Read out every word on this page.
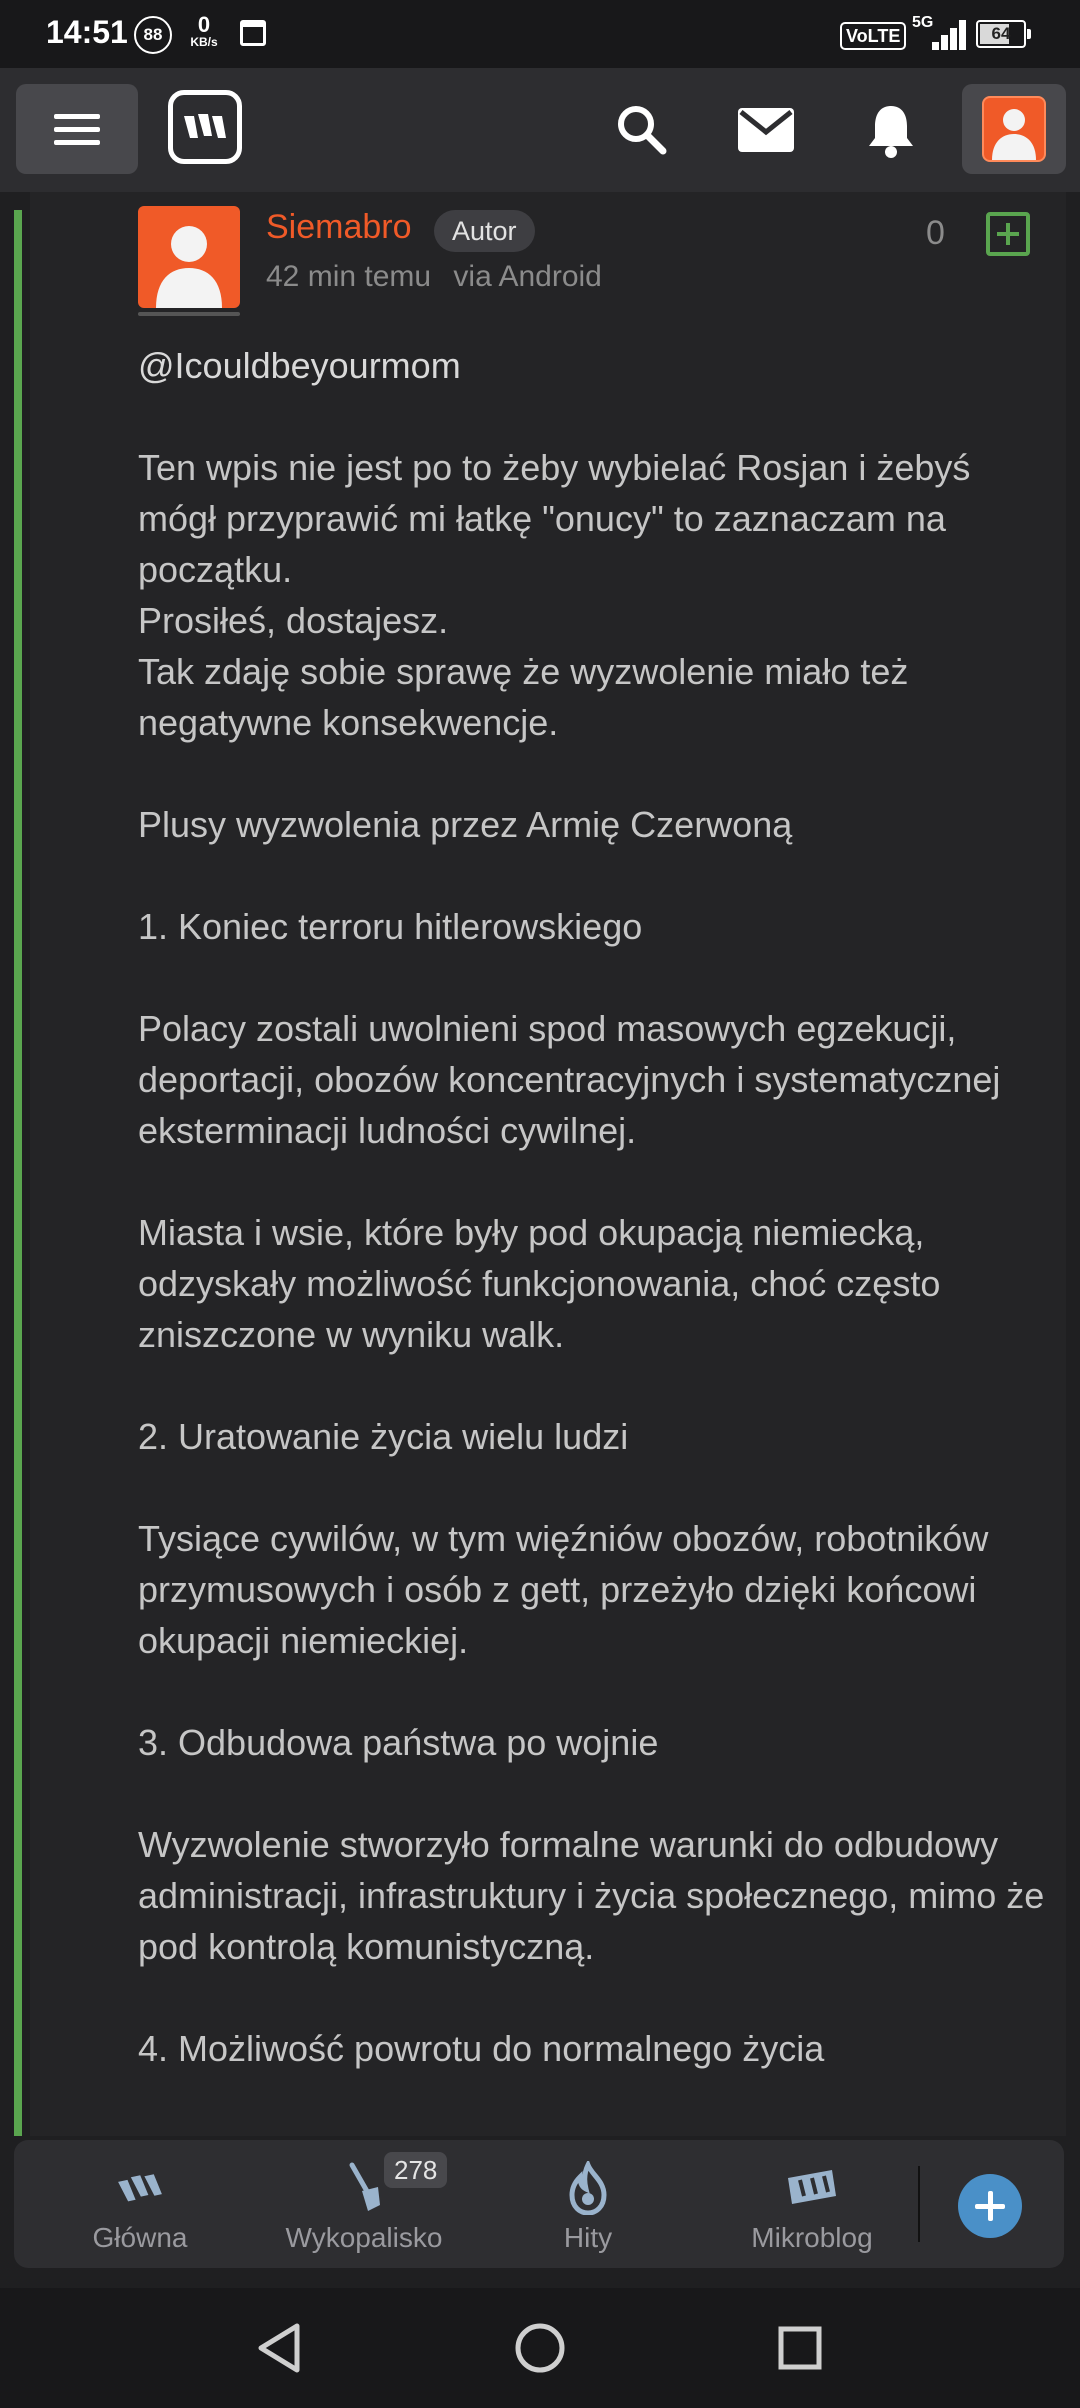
14:51 88	0
KB/s	VoLTE
5G
64
Siemabro	Autor
42 min temu via Android
0
@Icouldbeyourmom

Ten wpis nie jest po to żeby wybielać Rosjan i żebyś mógł przyprawić mi łatkę "onucy" to zaznaczam na początku.
Prosiłeś, dostajesz.
Tak zdaję sobie sprawę że wyzwolenie miało też negatywne konsekwencje.

Plusy wyzwolenia przez Armię Czerwoną

1. Koniec terroru hitlerowskiego

Polacy zostali uwolnieni spod masowych egzekucji, deportacji, obozów koncentracyjnych i systematycznej eksterminacji ludności cywilnej.

Miasta i wsie, które były pod okupacją niemiecką, odzyskały możliwość funkcjonowania, choć często zniszczone w wyniku walk.

2. Uratowanie życia wielu ludzi

Tysiące cywilów, w tym więźniów obozów, robotników przymusowych i osób z gett, przeżyło dzięki końcowi okupacji niemieckiej.

3. Odbudowa państwa po wojnie

Wyzwolenie stworzyło formalne warunki do odbudowy administracji, infrastruktury i życia społecznego, mimo że pod kontrolą komunistyczną.

4. Możliwość powrotu do normalnego życia
Główna	Wykopalisko
278
Hity	Mikroblog
